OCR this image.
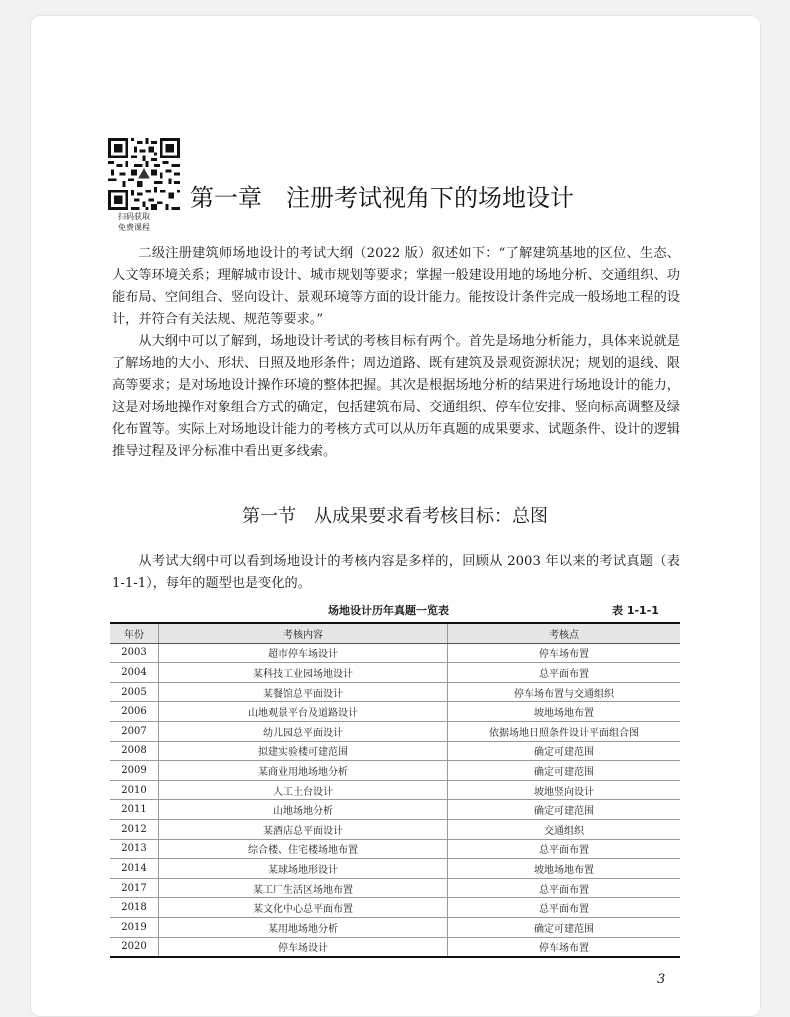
扫码获取
免费课程
第一章　注册考试视角下的场地设计

二级注册建筑师场地设计的考试大纲（2022 版）叙述如下：“了解建筑基地的区位、生态、人文等环境关系；理解城市设计、城市规划等要求；掌握一般建设用地的场地分析、交通组织、功能布局、空间组合、竖向设计、景观环境等方面的设计能力。能按设计条件完成一般场地工程的设计，并符合有关法规、规范等要求。”

从大纲中可以了解到，场地设计考试的考核目标有两个。首先是场地分析能力，具体来说就是了解场地的大小、形状、日照及地形条件；周边道路、既有建筑及景观资源状况；规划的退线、限高等要求；是对场地设计操作环境的整体把握。其次是根据场地分析的结果进行场地设计的能力，这是对场地操作对象组合方式的确定，包括建筑布局、交通组织、停车位安排、竖向标高调整及绿化布置等。实际上对场地设计能力的考核方式可以从历年真题的成果要求、试题条件、设计的逻辑推导过程及评分标准中看出更多线索。

第一节　从成果要求看考核目标：总图

从考试大纲中可以看到场地设计的考核内容是多样的，回顾从 2003 年以来的考试真题（表 1-1-1），每年的题型也是变化的。

场地设计历年真题一览表	表 1-1-1
年份	考核内容	考核点
2003	超市停车场设计	停车场布置
2004	某科技工业园场地设计	总平面布置
2005	某餐馆总平面设计	停车场布置与交通组织
2006	山地观景平台及道路设计	坡地场地布置
2007	幼儿园总平面设计	依据场地日照条件设计平面组合图
2008	拟建实验楼可建范围	确定可建范围
2009	某商业用地场地分析	确定可建范围
2010	人工土台设计	坡地竖向设计
2011	山地场地分析	确定可建范围
2012	某酒店总平面设计	交通组织
2013	综合楼、住宅楼场地布置	总平面布置
2014	某球场地形设计	坡地场地布置
2017	某工厂生活区场地布置	总平面布置
2018	某文化中心总平面布置	总平面布置
2019	某用地场地分析	确定可建范围
2020	停车场设计	停车场布置
3
